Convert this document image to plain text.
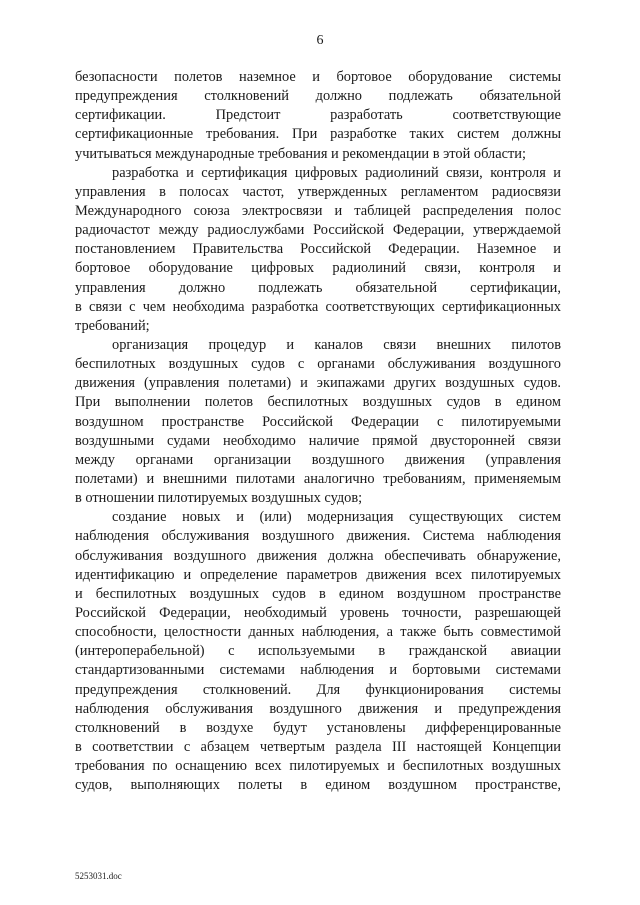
6
безопасности полетов наземное и бортовое оборудование системы
предупреждения столкновений должно подлежать обязательной
сертификации. Предстоит разработать соответствующие
сертификационные требования. При разработке таких систем должны
учитываться международные требования и рекомендации в этой области;
разработка и сертификация цифровых радиолиний связи, контроля и
управления в полосах частот, утвержденных регламентом радиосвязи
Международного союза электросвязи и таблицей распределения полос
радиочастот между радиослужбами Российской Федерации, утверждаемой
постановлением Правительства Российской Федерации. Наземное и
бортовое оборудование цифровых радиолиний связи, контроля и
управления должно подлежать обязательной сертификации,
в связи с чем необходима разработка соответствующих сертификационных
требований;
организация процедур и каналов связи внешних пилотов
беспилотных воздушных судов с органами обслуживания воздушного
движения (управления полетами) и экипажами других воздушных судов.
При выполнении полетов беспилотных воздушных судов в едином
воздушном пространстве Российской Федерации с пилотируемыми
воздушными судами необходимо наличие прямой двусторонней связи
между органами организации воздушного движения (управления
полетами) и внешними пилотами аналогично требованиям, применяемым
в отношении пилотируемых воздушных судов;
создание новых и (или) модернизация существующих систем
наблюдения обслуживания воздушного движения. Система наблюдения
обслуживания воздушного движения должна обеспечивать обнаружение,
идентификацию и определение параметров движения всех пилотируемых
и беспилотных воздушных судов в едином воздушном пространстве
Российской Федерации, необходимый уровень точности, разрешающей
способности, целостности данных наблюдения, а также быть совместимой
(интероперабельной) с используемыми в гражданской авиации
стандартизованными системами наблюдения и бортовыми системами
предупреждения столкновений. Для функционирования системы
наблюдения обслуживания воздушного движения и предупреждения
столкновений в воздухе будут установлены дифференцированные
в соответствии с абзацем четвертым раздела III настоящей Концепции
требования по оснащению всех пилотируемых и беспилотных воздушных
судов, выполняющих полеты в едином воздушном пространстве,
5253031.doc
